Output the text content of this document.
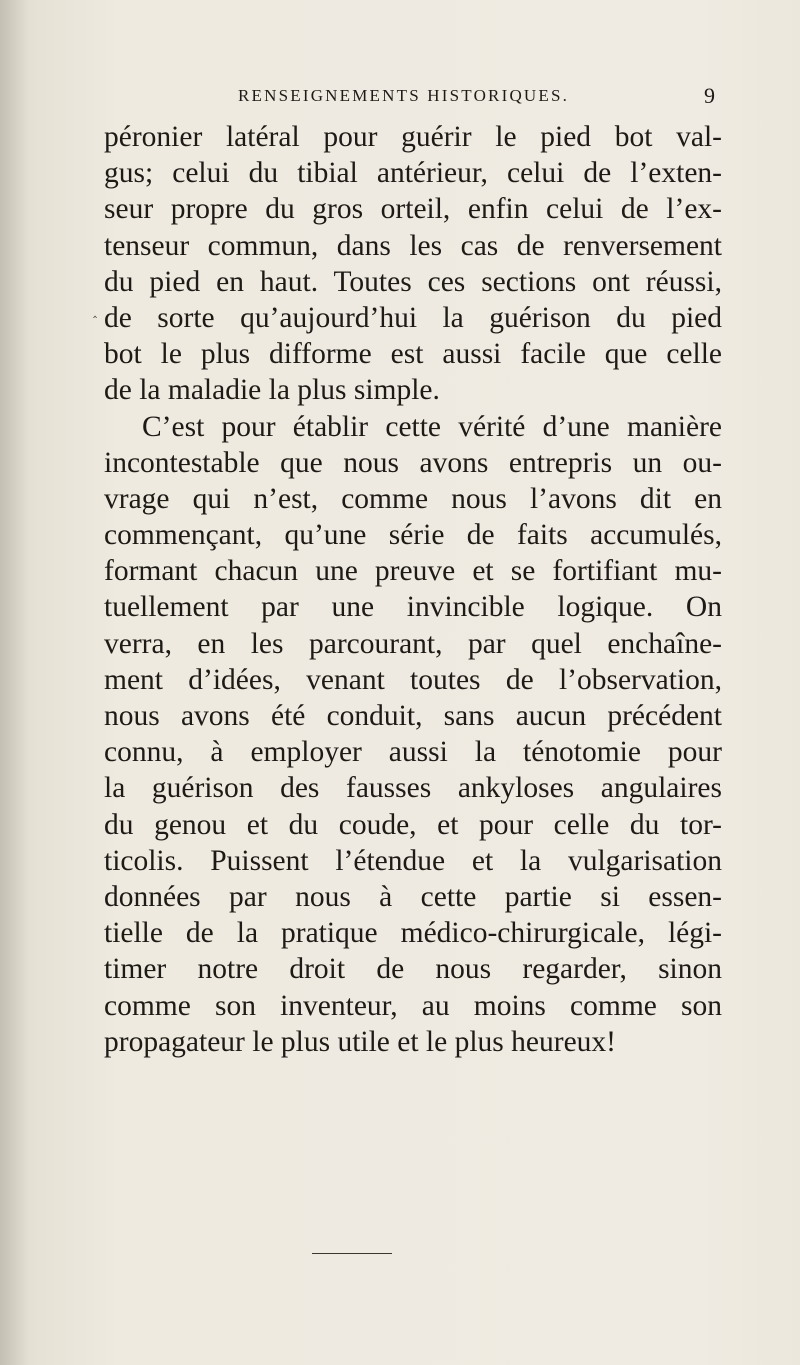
RENSEIGNEMENTS HISTORIQUES.	9
‸
péronier latéral pour guérir le pied bot val-
gus; celui du tibial antérieur, celui de l’exten-
seur propre du gros orteil, enfin celui de l’ex-
tenseur commun, dans les cas de renversement
du pied en haut. Toutes ces sections ont réussi,
de sorte qu’aujourd’hui la guérison du pied
bot le plus difforme est aussi facile que celle
de la maladie la plus simple.
C’est pour établir cette vérité d’une manière
incontestable que nous avons entrepris un ou-
vrage qui n’est, comme nous l’avons dit en
commençant, qu’une série de faits accumulés,
formant chacun une preuve et se fortifiant mu-
tuellement par une invincible logique. On
verra, en les parcourant, par quel enchaîne-
ment d’idées, venant toutes de l’observation,
nous avons été conduit, sans aucun précédent
connu, à employer aussi la ténotomie pour
la guérison des fausses ankyloses angulaires
du genou et du coude, et pour celle du tor-
ticolis. Puissent l’étendue et la vulgarisation
données par nous à cette partie si essen-
tielle de la pratique médico-chirurgicale, légi-
timer notre droit de nous regarder, sinon
comme son inventeur, au moins comme son
propagateur le plus utile et le plus heureux!
